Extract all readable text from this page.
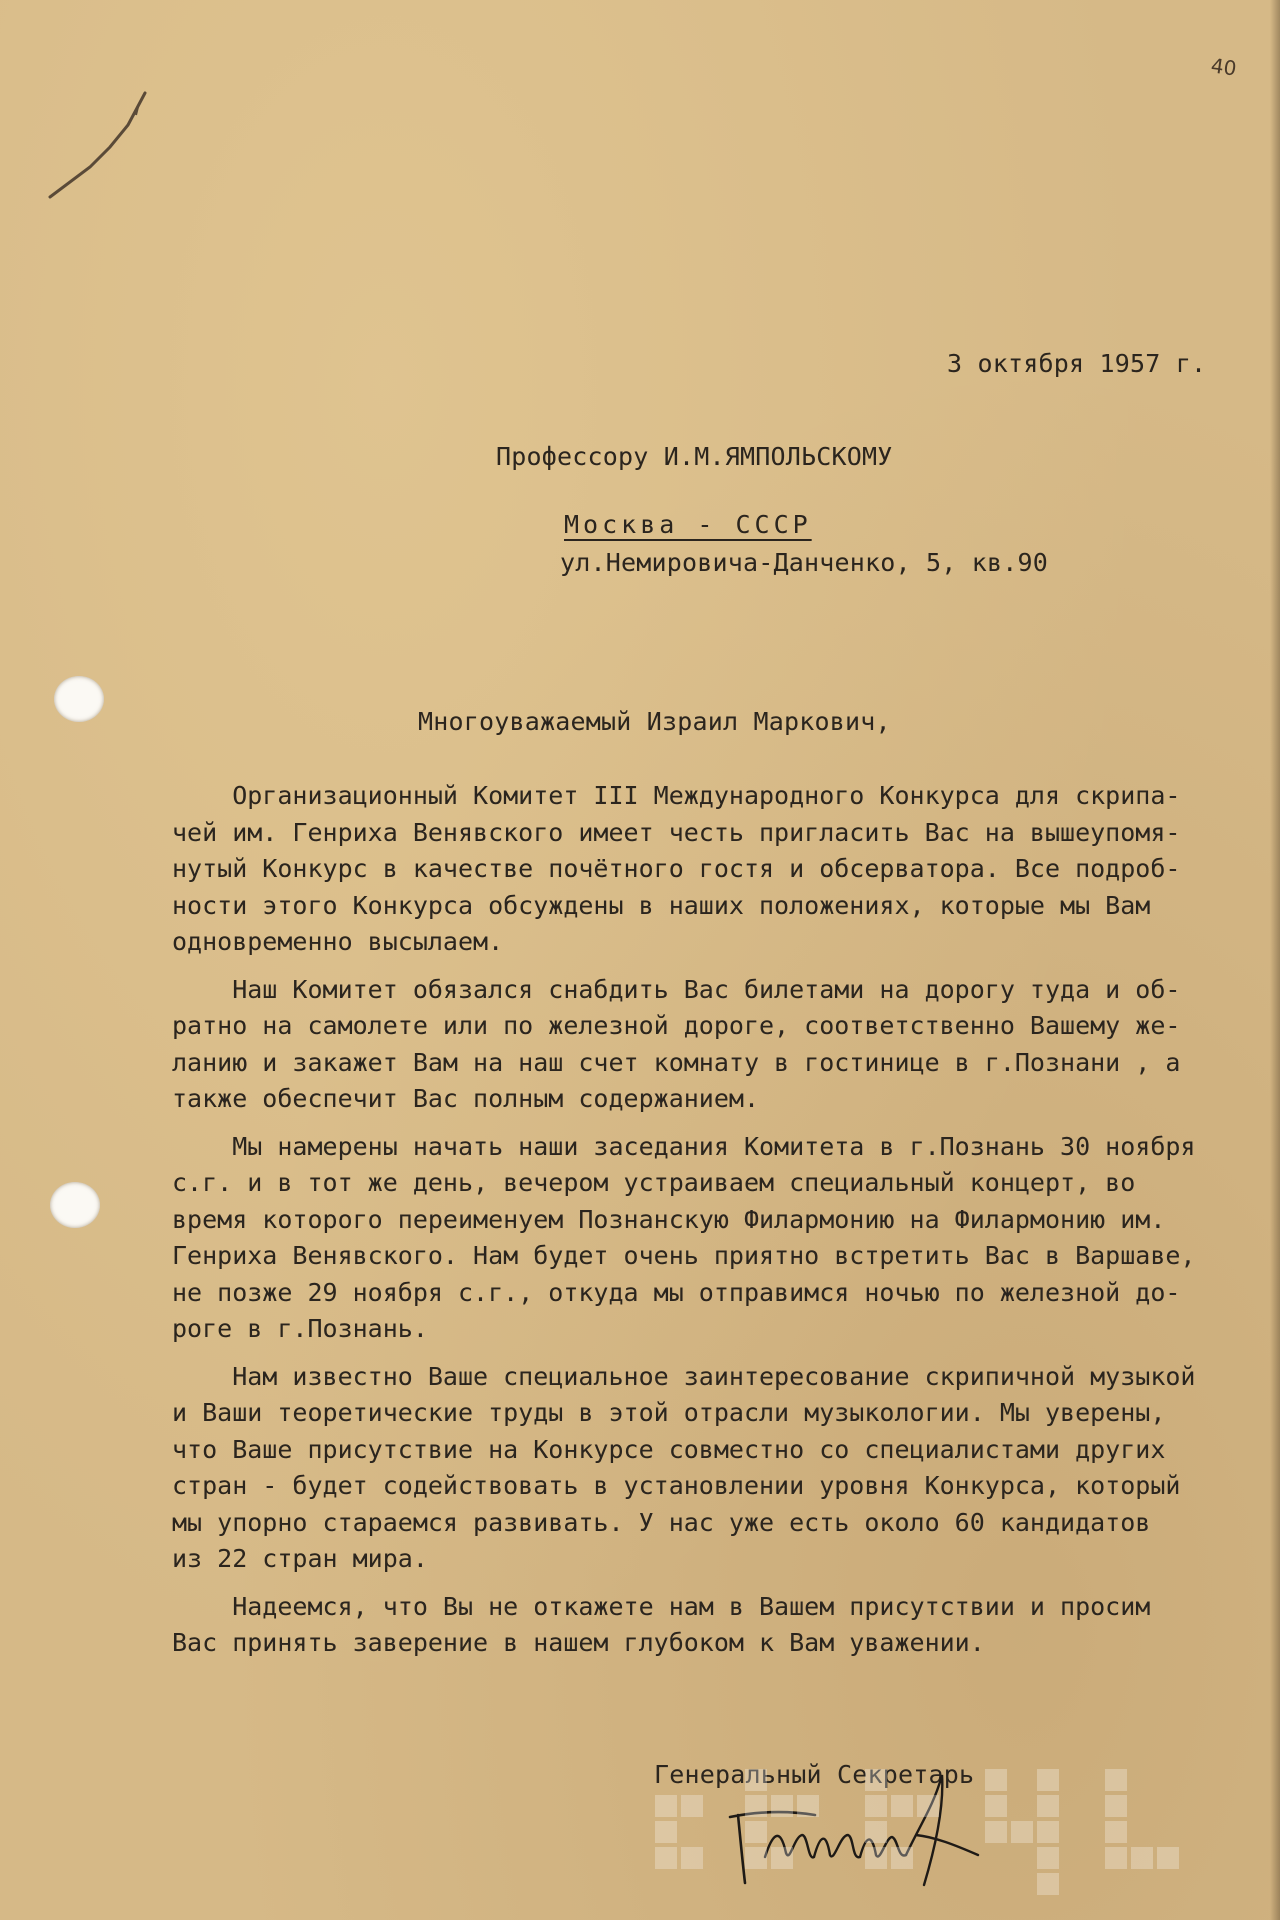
40
3 октября 1957 г.
Профессору И.М.ЯМПОЛЬСКОМУ
Москва - СССР
ул.Немировича-Данченко, 5, кв.90
Многоуважаемый Израил Маркович,
Организационный Комитет III Международного Конкурса для скрипа-
чей им. Генриха Венявского имеет честь пригласить Вас на вышеупомя-
нутый Конкурс в качестве почётного гостя и обсерватора. Все подроб-
ности этого Конкурса обсуждены в наших положениях, которые мы Вам
одновременно высылаем.
Наш Комитет обязался снабдить Вас билетами на дорогу туда и об-
ратно на самолете или по железной дороге, соответственно Вашему же-
ланию и закажет Вам на наш счет комнату в гостинице в г.Познани , а
также обеспечит Вас полным содержанием.
Мы намерены начать наши заседания Комитета в г.Познань 30 ноября
с.г. и в тот же день, вечером устраиваем специальный концерт, во
время которого переименуем Познанскую Филармонию на Филармонию им.
Генриха Венявского. Нам будет очень приятно встретить Вас в Варшаве,
не позже 29 ноября с.г., откуда мы отправимся ночью по железной до-
роге в г.Познань.
Нам известно Ваше специальное заинтересование скрипичной музыкой
и Ваши теоретические труды в этой отрасли музыкологии. Мы уверены,
что Ваше присутствие на Конкурсе совместно со специалистами других
стран - будет содействовать в установлении уровня Конкурса, который
мы упорно стараемся развивать. У нас уже есть около 60 кандидатов
из 22 стран мира.
Надеемся, что Вы не откажете нам в Вашем присутствии и просим
Вас принять заверение в нашем глубоком к Вам уважении.
Генеральный Секретарь
